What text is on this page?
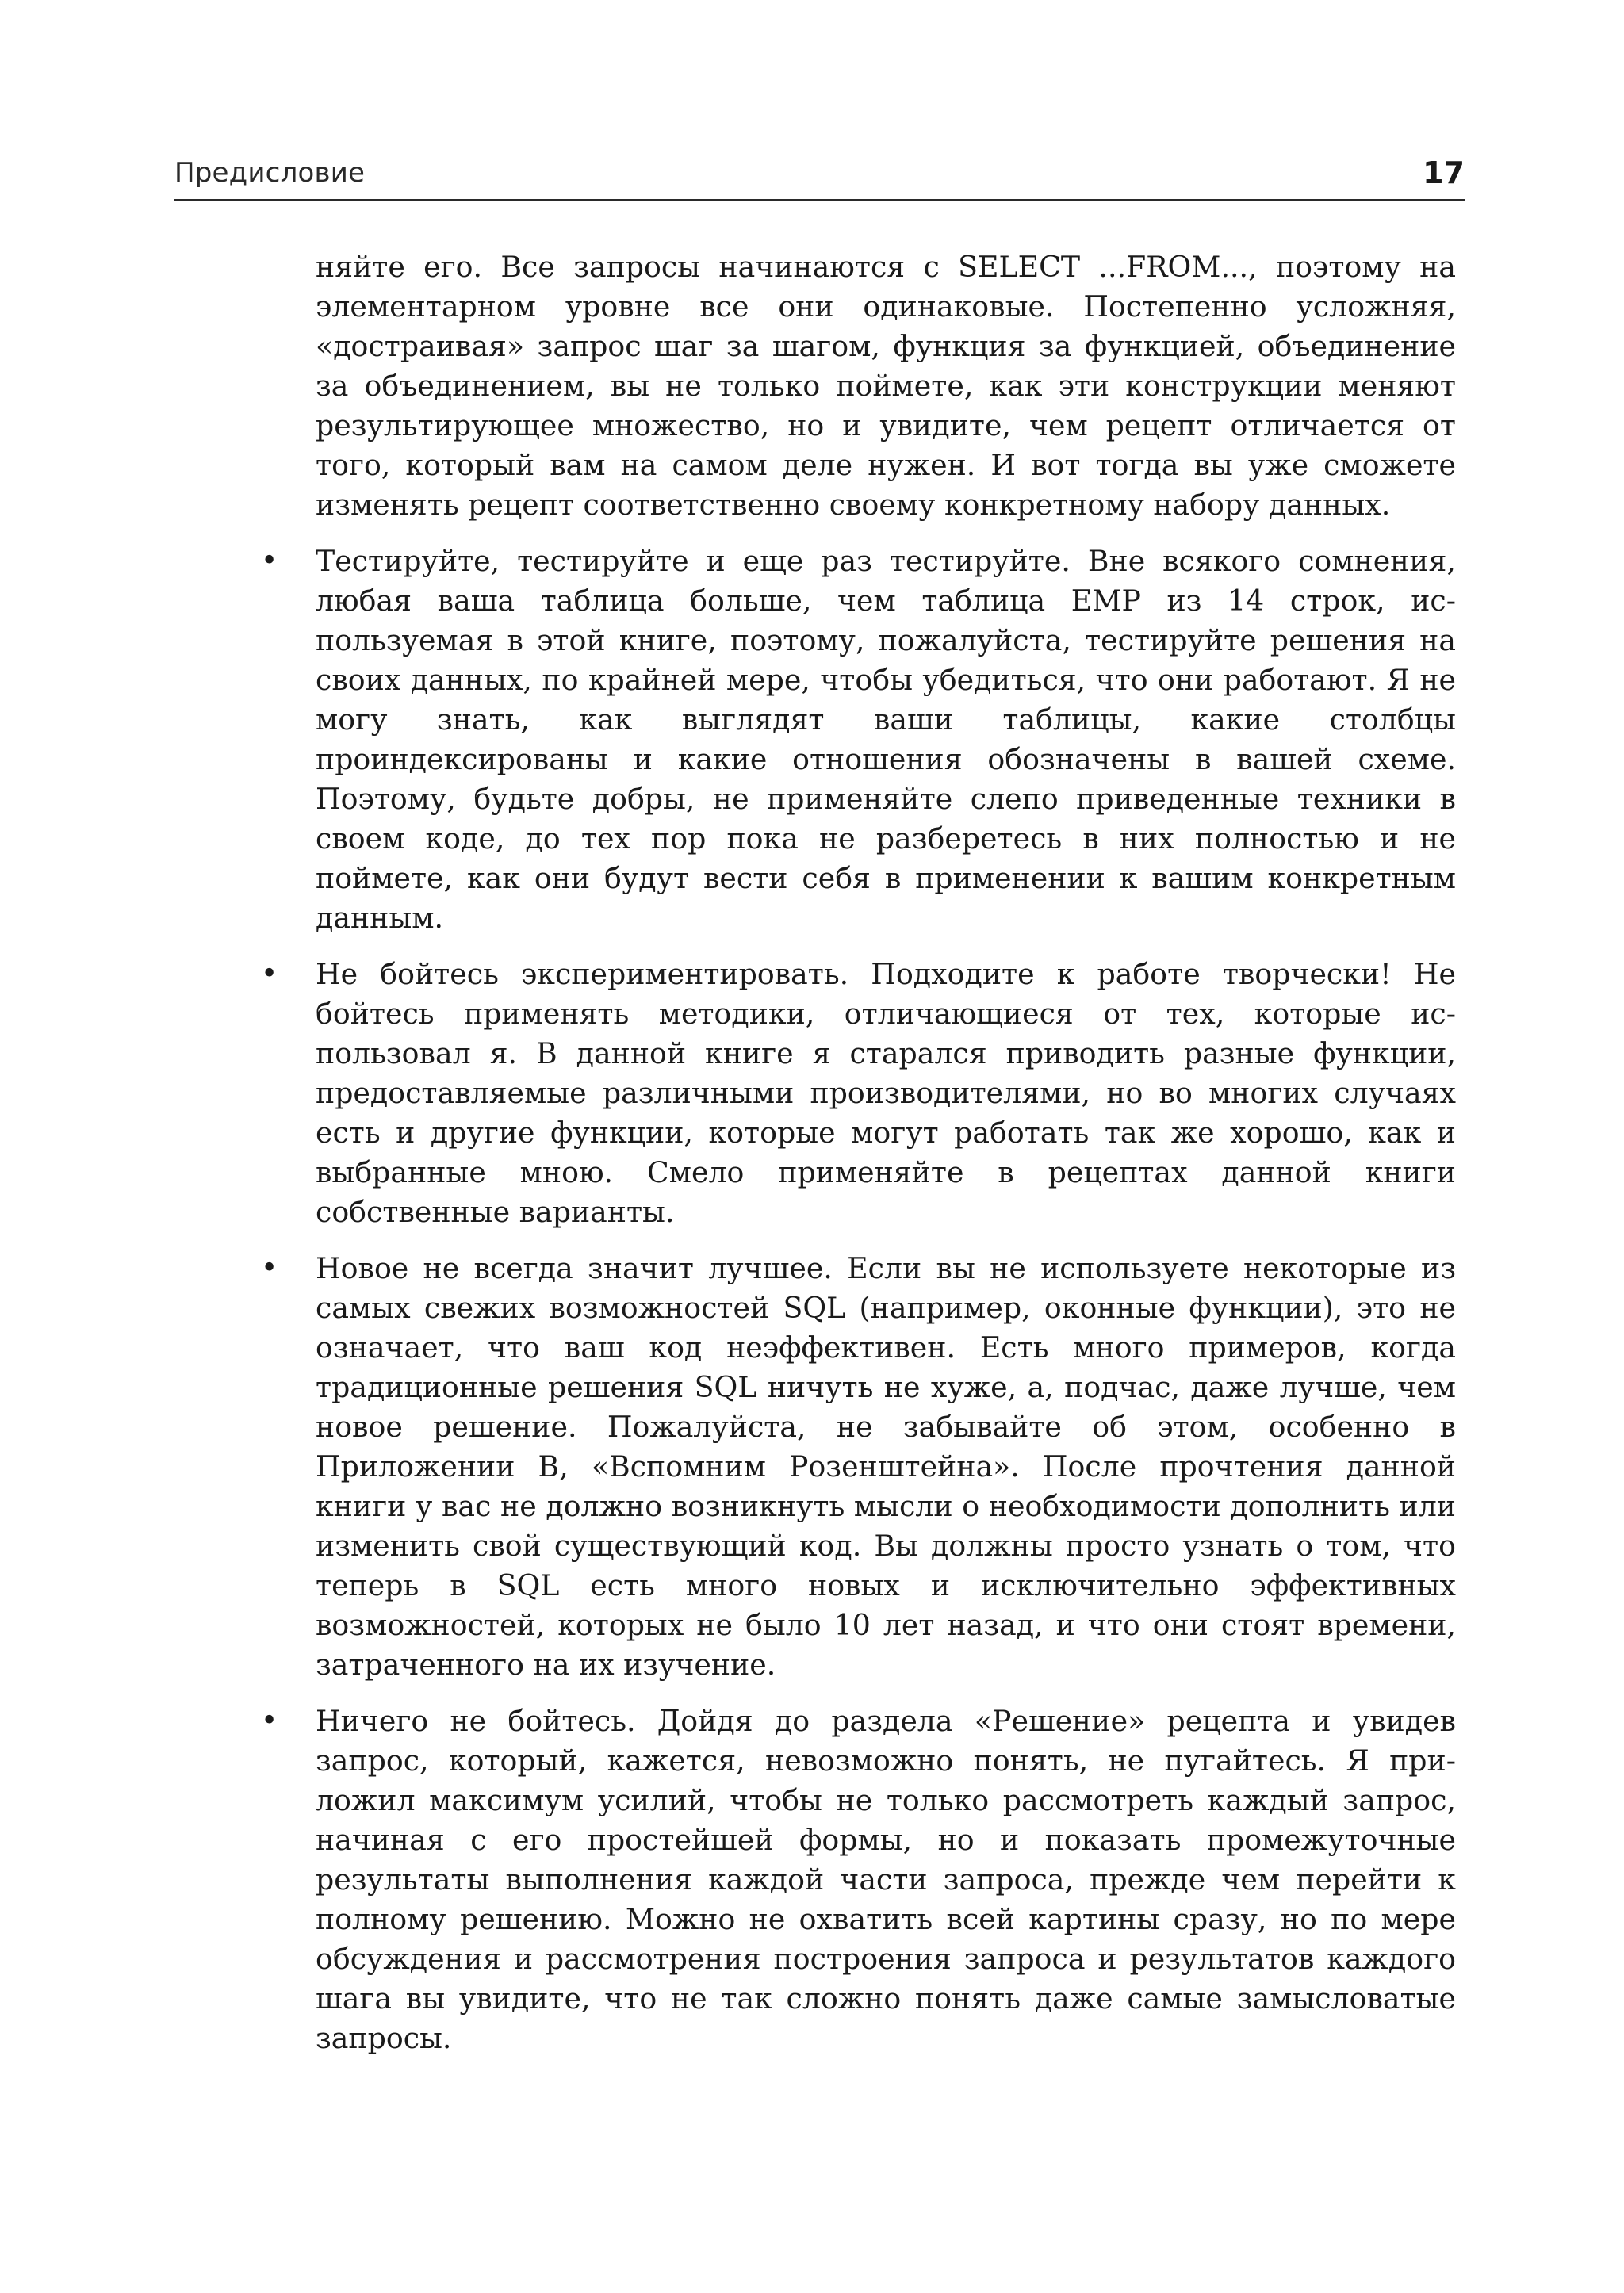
Предисловие	17

няйте его. Все запросы начинаются с SELECT ...FROM..., поэтому на элементарном уровне все они одинаковые. Постепенно усложняя, «достраивая» запрос шаг за шагом, функция за функцией, объединение за объединением, вы не только поймете, как эти конструкции меняют результирующее множество, но и увидите, чем рецепт отличается от того, который вам на самом деле нужен. И вот тогда вы уже сможете изменять рецепт соответственно своему конкретному набору данных.

• Тестируйте, тестируйте и еще раз тестируйте. Вне всякого сомнения, любая ваша таблица больше, чем таблица EMP из 14 строк, используемая в этой книге, поэтому, пожалуйста, тестируйте решения на своих данных, по крайней мере, чтобы убедиться, что они работают. Я не могу знать, как выглядят ваши таблицы, какие столбцы проиндексированы и какие отношения обозначены в вашей схеме. Поэтому, будьте добры, не применяйте слепо приведенные техники в своем коде, до тех пор пока не разберетесь в них полностью и не поймете, как они будут вести себя в применении к вашим конкретным данным.
• Не бойтесь экспериментировать. Подходите к работе творчески! Не бойтесь применять методики, отличающиеся от тех, которые использовал я. В данной книге я старался приводить разные функции, предоставляемые различными производителями, но во многих случаях есть и другие функции, которые могут работать так же хорошо, как и выбранные мною. Смело применяйте в рецептах данной книги собственные варианты.
• Новое не всегда значит лучшее. Если вы не используете некоторые из самых свежих возможностей SQL (например, оконные функции), это не означает, что ваш код неэффективен. Есть много примеров, когда традиционные решения SQL ничуть не хуже, а, подчас, даже лучше, чем новое решение. Пожалуйста, не забывайте об этом, особенно в Приложении B, «Вспомним Розенштейна». После прочтения данной книги у вас не должно возникнуть мысли о необходимости дополнить или изменить свой существующий код. Вы должны просто узнать о том, что теперь в SQL есть много новых и исключительно эффективных возможностей, которых не было 10 лет назад, и что они стоят времени, затраченного на их изучение.
• Ничего не бойтесь. Дойдя до раздела «Решение» рецепта и увидев запрос, который, кажется, невозможно понять, не пугайтесь. Я приложил максимум усилий, чтобы не только рассмотреть каждый запрос, начиная с его простейшей формы, но и показать промежуточные результаты выполнения каждой части запроса, прежде чем перейти к полному решению. Можно не охватить всей картины сразу, но по мере обсуждения и рассмотрения построения запроса и результатов каждого шага вы увидите, что не так сложно понять даже самые замысловатые запросы.
